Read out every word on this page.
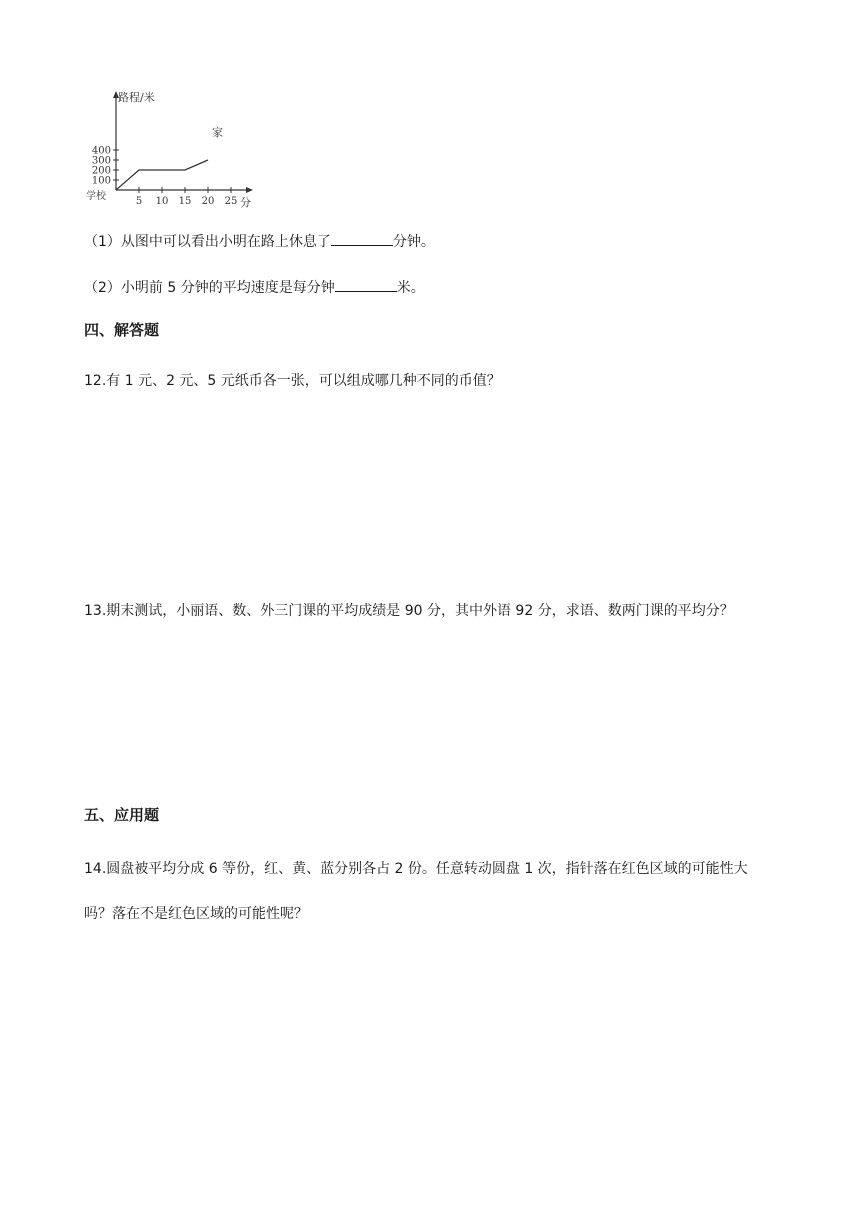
路程/米
分
学校
家
100
200
300
400
5 10 15 20 25
（1）从图中可以看出小明在路上休息了	分钟。
（2）小明前 5 分钟的平均速度是每分钟	米。
四、解答题
12.有 1 元、2 元、5 元纸币各一张，可以组成哪几种不同的币值？
13.期末测试，小丽语、数、外三门课的平均成绩是 90 分，其中外语 92 分，求语、数两门课的平均分？
五、应用题
14.圆盘被平均分成 6 等份，红、黄、蓝分别各占 2 份。任意转动圆盘 1 次，指针落在红色区域的可能性大
吗？落在不是红色区域的可能性呢？
